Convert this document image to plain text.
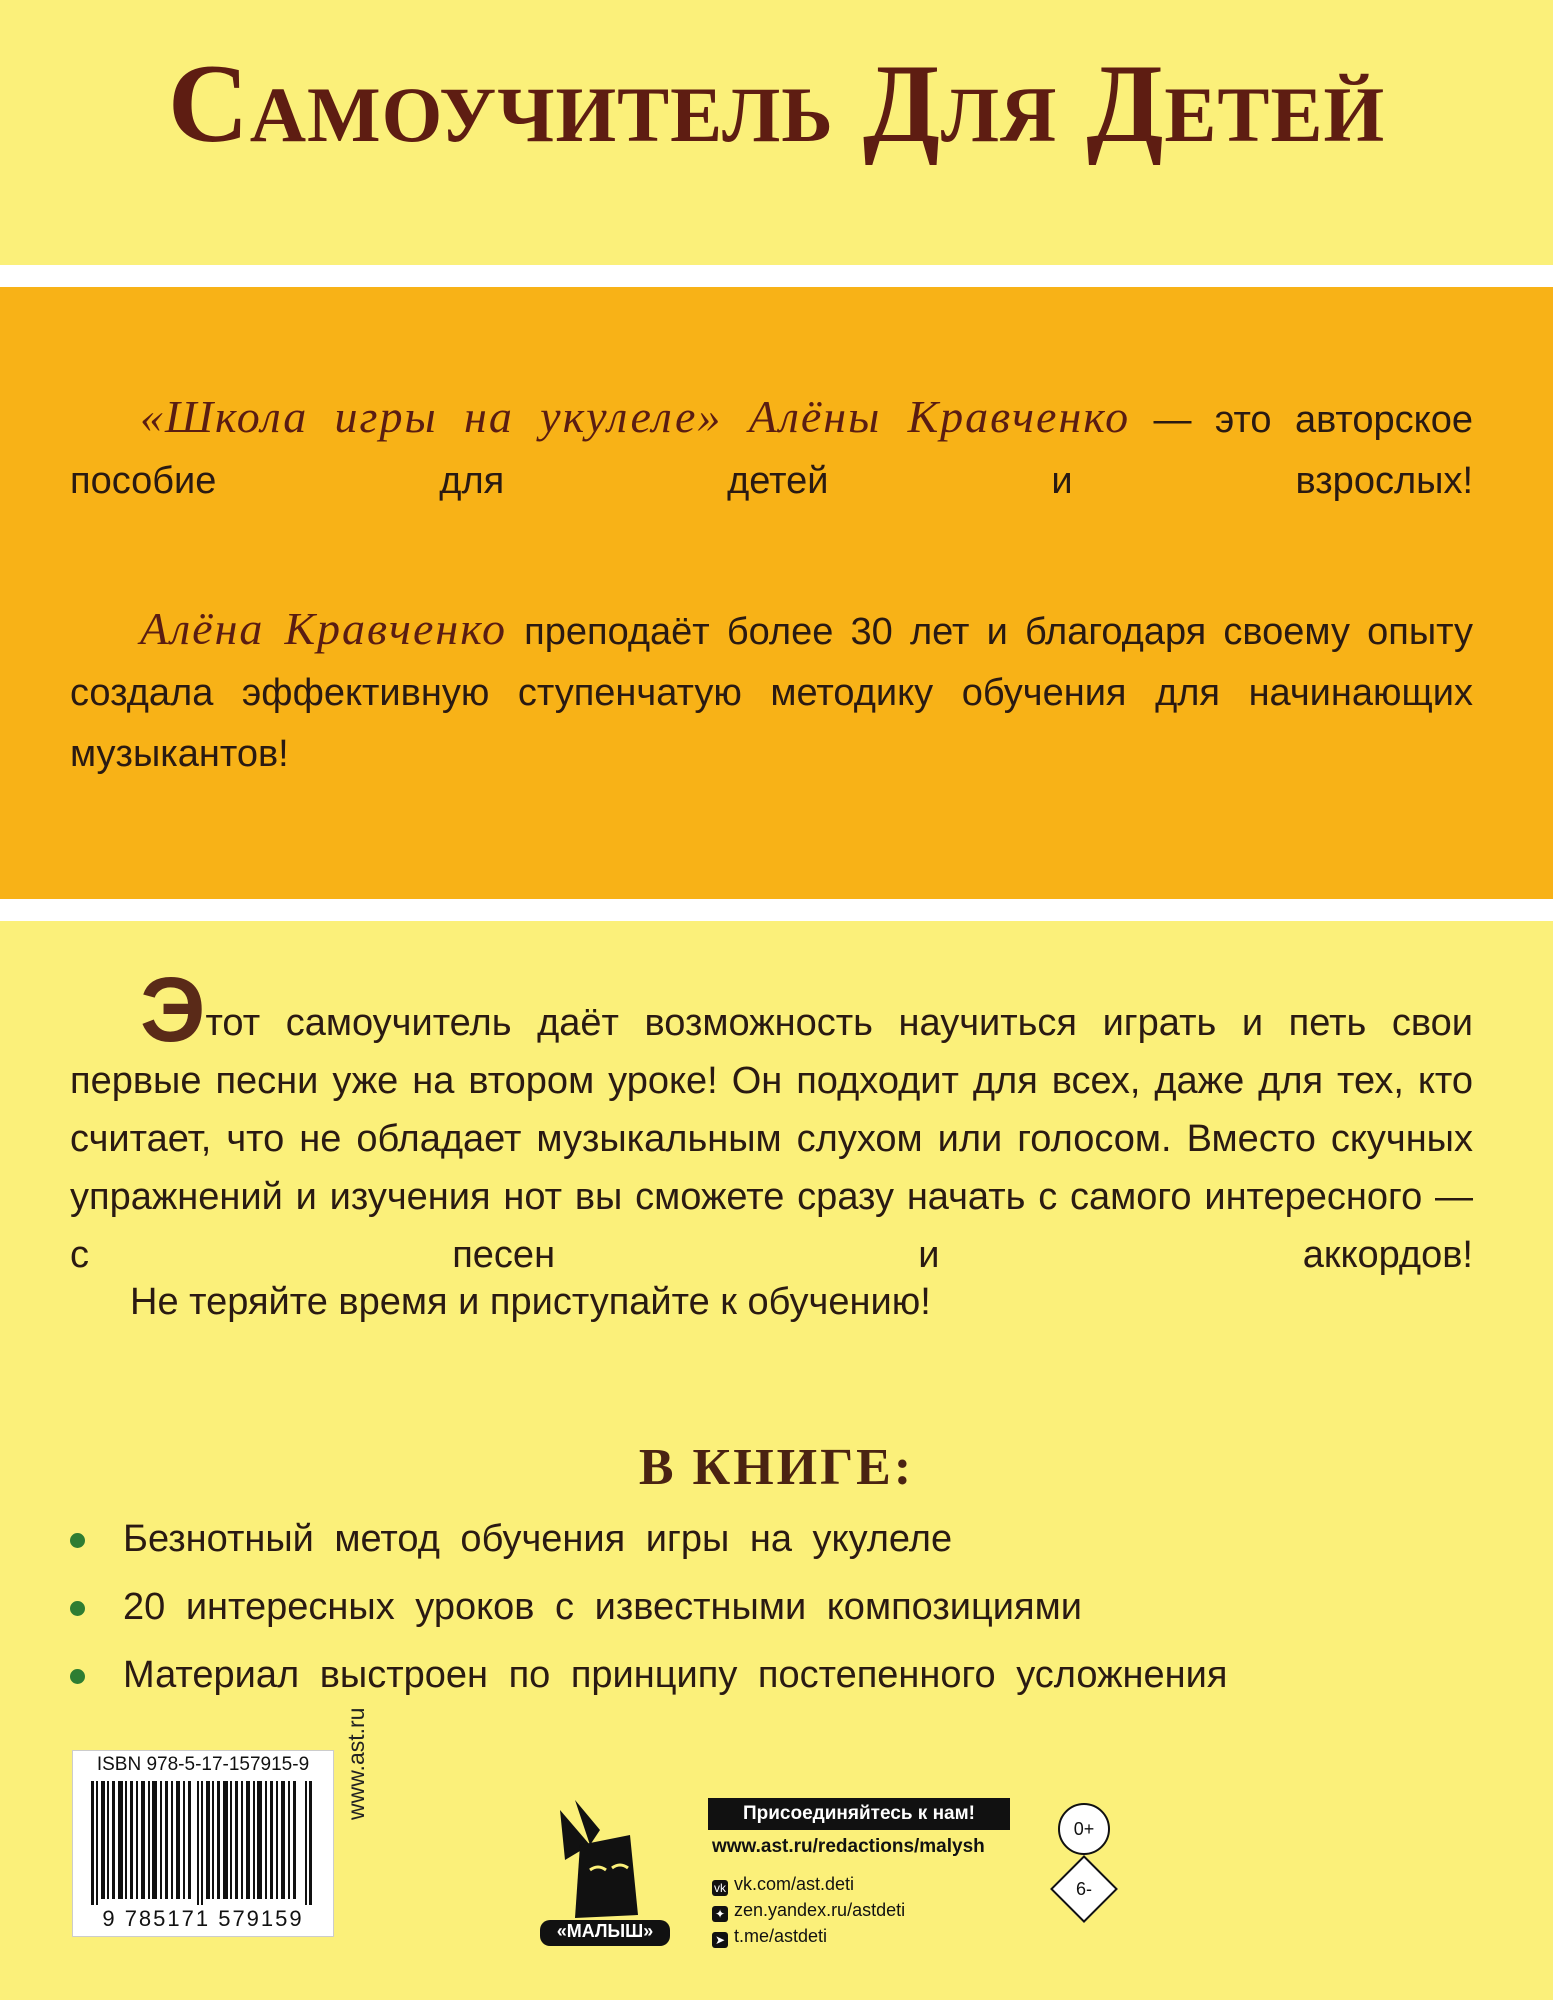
Самоучитель Для Детей
«Школа игры на укулеле» Алёны Кравченко — это авторское пособие для детей и взрослых!
Алёна Кравченко преподаёт более 30 лет и благодаря своему опыту создала эффективную ступенчатую методику обучения для начинающих музыкантов!
Этот самоучитель даёт возможность научиться играть и петь свои первые песни уже на втором уроке! Он подходит для всех, даже для тех, кто считает, что не обладает музыкальным слухом или голосом. Вместо скучных упражнений и изучения нот вы сможете сразу начать с самого интересного — с песен и аккордов!
Не теряйте время и приступайте к обучению!
В КНИГЕ:
Безнотный метод обучения игры на укулеле
20 интересных уроков с известными композициями
Материал выстроен по принципу постепенного усложнения
ISBN 978-5-17-157915-9
9 785171 579159
www.ast.ru
«МАЛЫШ»
Присоединяйтесь к нам!
www.ast.ru/redactions/malysh
vk vk.com/ast.deti
✦ zen.yandex.ru/astdeti
➤ t.me/astdeti
0+
6-
